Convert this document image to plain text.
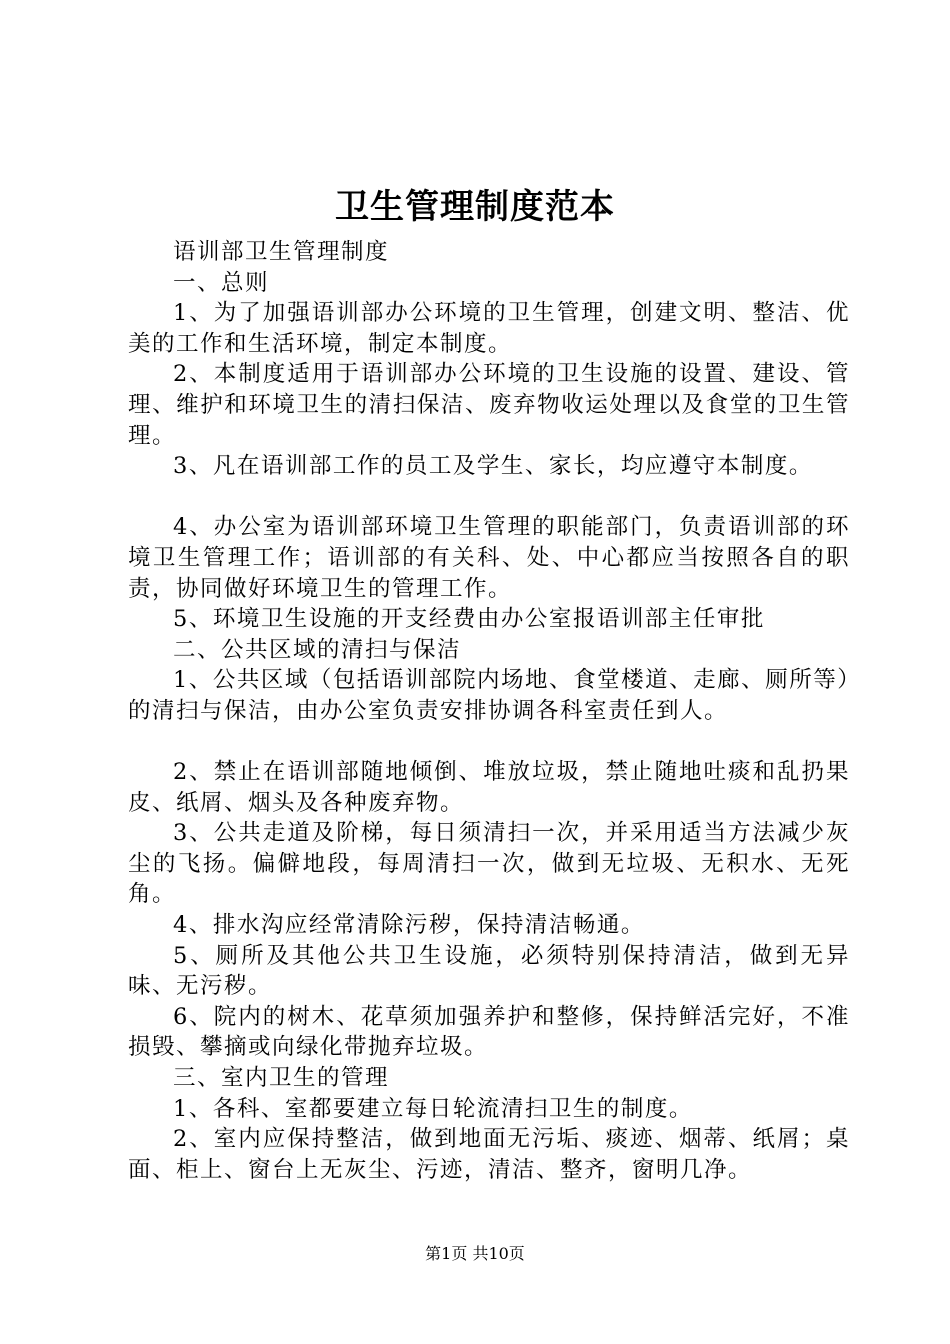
卫生管理制度范本

语训部卫生管理制度

一、总则

1、为了加强语训部办公环境的卫生管理，创建文明、整洁、优美的工作和生活环境，制定本制度。

2、本制度适用于语训部办公环境的卫生设施的设置、建设、管理、维护和环境卫生的清扫保洁、废弃物收运处理以及食堂的卫生管理。

3、凡在语训部工作的员工及学生、家长，均应遵守本制度。

4、办公室为语训部环境卫生管理的职能部门，负责语训部的环境卫生管理工作；语训部的有关科、处、中心都应当按照各自的职责，协同做好环境卫生的管理工作。

5、环境卫生设施的开支经费由办公室报语训部主任审批

二、公共区域的清扫与保洁

1、公共区域（包括语训部院内场地、食堂楼道、走廊、厕所等）的清扫与保洁，由办公室负责安排协调各科室责任到人。

2、禁止在语训部随地倾倒、堆放垃圾，禁止随地吐痰和乱扔果皮、纸屑、烟头及各种废弃物。

3、公共走道及阶梯，每日须清扫一次，并采用适当方法减少灰尘的飞扬。偏僻地段，每周清扫一次，做到无垃圾、无积水、无死角。

4、排水沟应经常清除污秽，保持清洁畅通。

5、厕所及其他公共卫生设施，必须特别保持清洁，做到无异味、无污秽。

6、院内的树木、花草须加强养护和整修，保持鲜活完好，不准损毁、攀摘或向绿化带抛弃垃圾。

三、室内卫生的管理

1、各科、室都要建立每日轮流清扫卫生的制度。

2、室内应保持整洁，做到地面无污垢、痰迹、烟蒂、纸屑；桌面、柜上、窗台上无灰尘、污迹，清洁、整齐，窗明几净。

第1页 共10页
